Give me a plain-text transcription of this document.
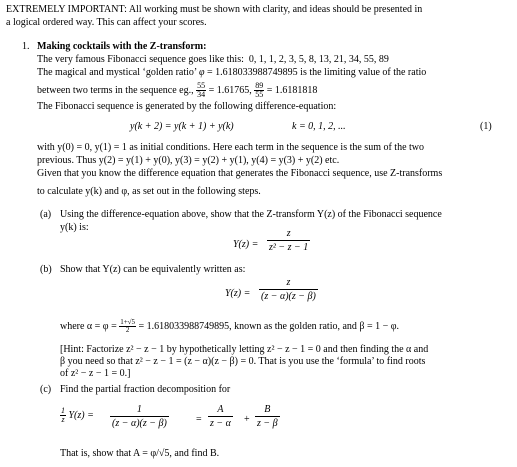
EXTREMELY IMPORTANT: All working must be shown with clarity, and ideas should be presented in
a logical ordered way. This can affect your scores.
1. Making cocktails with the Z-transform:
The very famous Fibonacci sequence goes like this: 0, 1, 1, 2, 3, 5, 8, 13, 21, 34, 55, 89
The magical and mystical ‘golden ratio’ φ = 1.618033988749895 is the limiting value of the ratio
between two terms in the sequence eg., $\frac{55}{34} = 1.61765$, $\frac{89}{55} = 1.6181818$
The Fibonacci sequence is generated by the following difference-equation:
y(k + 2) = y(k + 1) + y(k)	k = 0, 1, 2, ...	(1)
with y(0) = 0, y(1) = 1 as initial conditions. Here each term in the sequence is the sum of the two
previous. Thus y(2) = y(1) + y(0), y(3) = y(2) + y(1), y(4) = y(3) + y(2) etc.
Given that you know the difference equation that generates the Fibonacci sequence, use Z-transforms
to calculate y(k) and φ, as set out in the following steps.
(a) Using the difference-equation above, show that the Z-transform Y(z) of the Fibonacci sequence
y(k) is:
$Y(z) = \frac{z}{\text{z² − z − 1}}$
(b) Show that Y(z) can be equivalently written as:
$Y(z) = \frac{z}{(z - \alpha)(z - \beta)}$
where $\alpha = \varphi = \frac{1+√5}{2} = 1.618033988749895$, known as the golden ratio, and β = 1 − φ.
[Hint: Factorize z² − z − 1 by hypothetically letting z² − z − 1 = 0 and then finding the α and
β you need so that z² − z − 1 = (z − α)(z − β) = 0. That is you use the ‘formula’ to find roots
of z² − z − 1 = 0.]
(c) Find the partial fraction decomposition for
$\frac{1}{z} Y(z) = \frac{1}{(z - \alpha)(z - \beta)}$	= $\frac{A}{z - \alpha} + \frac{B}{z - \beta}$
That is, show that A = φ/√5, and find B.
